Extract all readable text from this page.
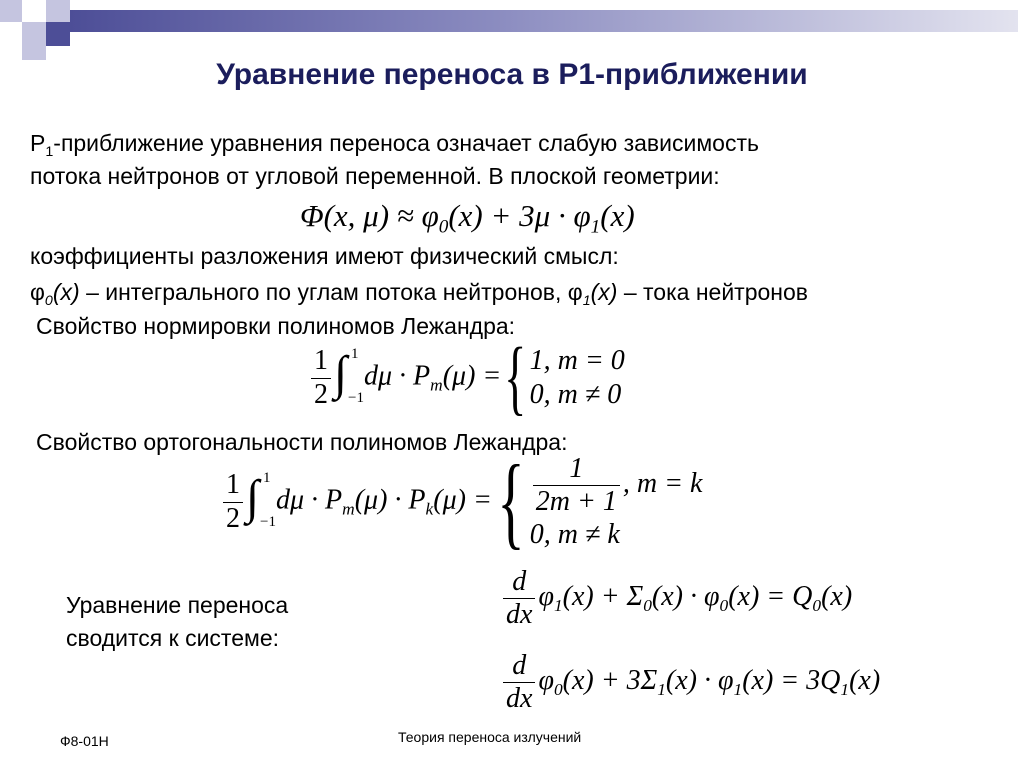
Уравнение переноса в P1-приближении
$P_1$-приближение уравнения переноса означает слабую зависимость
потока нейтронов от угловой переменной. В плоской геометрии:
Φ(x, $\mu) \approx \varphi_0(x) + 3\mu \cdot \varphi_1(x)$
коэффициенты разложения имеют физический смысл:
$\varphi_0(x)$ – интегрального по углам потока нейтронов, $\varphi_1(x)$ – тока нейтронов
Свойство нормировки полиномов Лежандра:
$\frac{1}{2}$ ∫ 1
−1
$d\mu \cdot P_m(\mu)$ ={ 1, m = 0
0, m ≠ 0
Свойство ортогональности полиномов Лежандра:
$\frac{1}{2}$ ∫ 1
−1
$d\mu \cdot P_m(\mu) \cdot P_k(\mu)$ ={ $\frac{1}{2m + 1}$ , m = k
0, m ≠ k
Уравнение переноса
сводится к системе:
$\frac{d}{dx} \varphi_1(x) + \Sigma_0(x) \cdot \varphi_0(x) = Q_0(x)$
$\frac{d}{dx} \varphi_0(x) + 3\Sigma_1(x) \cdot \varphi_1(x) = 3Q_1(x)$
Ф8-01Н	Теория переноса излучений
